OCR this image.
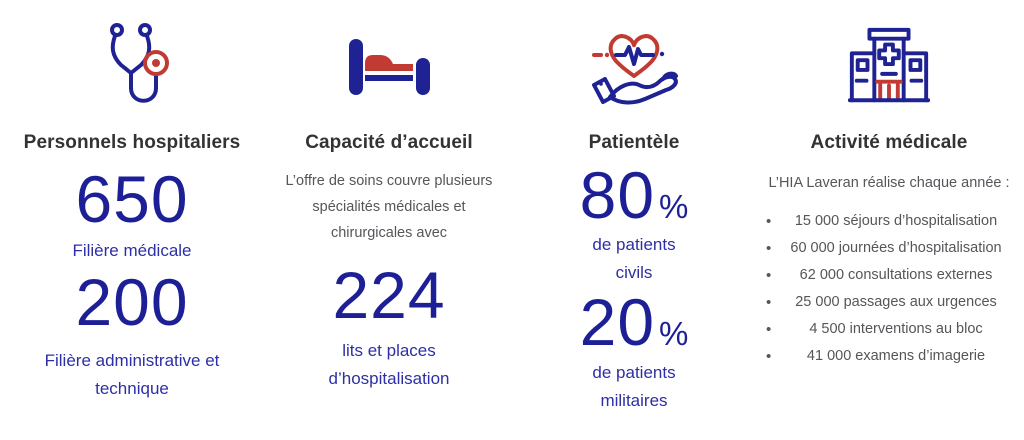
Personnels hospitaliers
650
Filière médicale
200
Filière administrative et technique
Capacité d’accueil

L’offre de soins couvre plusieurs spécialités médicales et chirurgicales avec

224
lits et places d’hospitalisation
Patientèle
80 %
de patients civils
20 %
de patients militaires
Activité médicale

L’HIA Laveran réalise chaque année :

•	15 000 séjours d’hospitalisation
•	60 000 journées d’hospitalisation
•	62 000 consultations externes
•	25 000 passages aux urgences
•	4 500 interventions au bloc
•	41 000 examens d’imagerie
